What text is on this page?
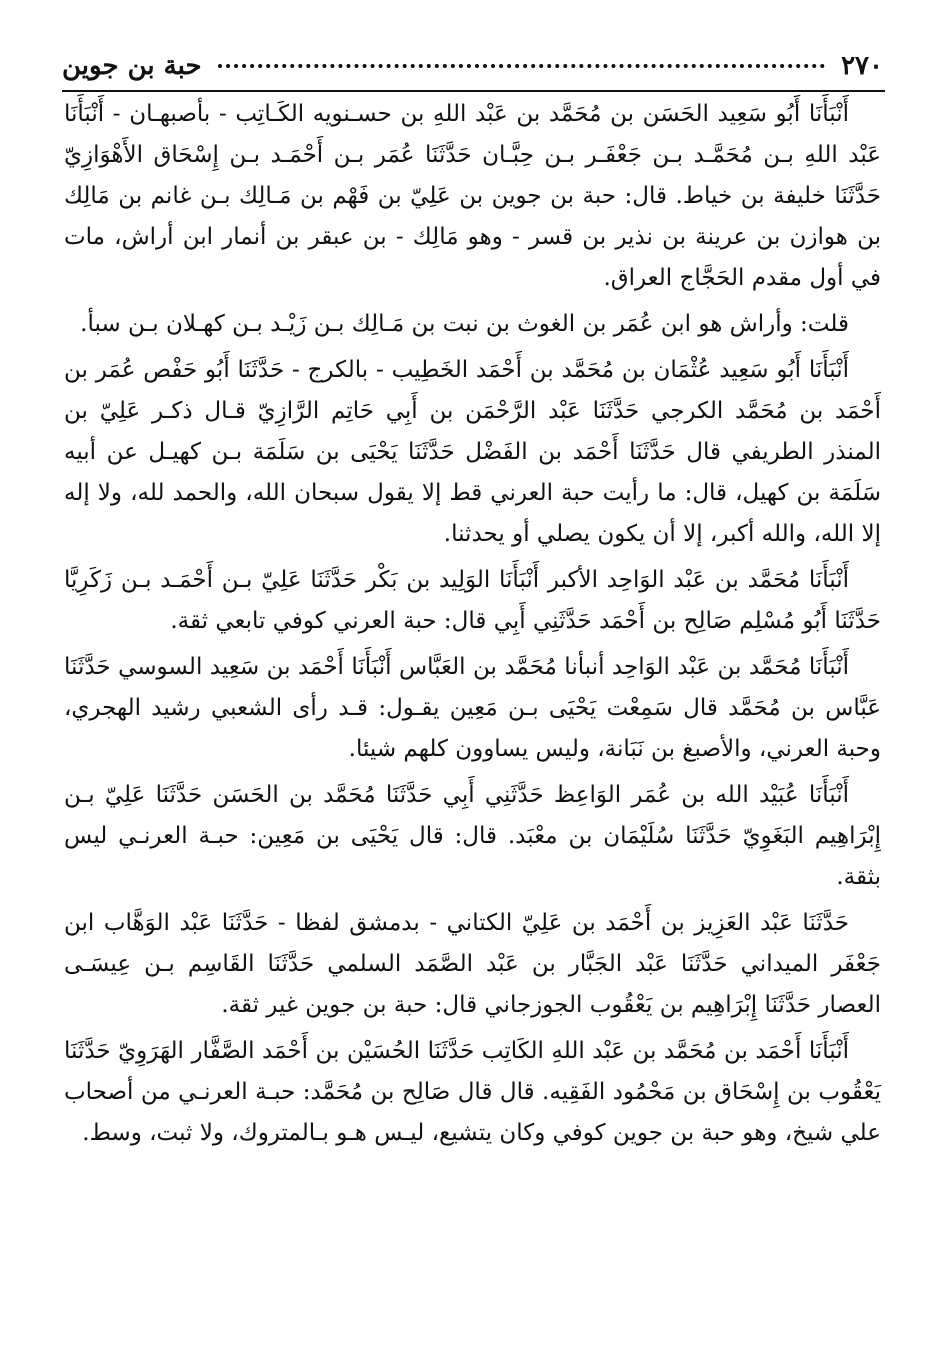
٢٧٠
حبة بن جوين

أَنْبَأَنَا أَبُو سَعِيد الحَسَن بن مُحَمَّد بن عَبْد اللهِ بن حسـنويه الكَـاتِب - بأصبهـان - أَنْبَأَنَا عَبْد اللهِ بـن مُحَمَّـد بـن جَعْفَـر بـن حِبَّـان حَدَّثَنَا عُمَر بـن أَحْمَـد بـن إِسْحَاق الأَهْوَازِيّ حَدَّثَنَا خليفة بن خياط. قال: حبة بن جوين بن عَلِيّ بن فَهْم بن مَـالِك بـن غانم بن مَالِك بن هوازن بن عرينة بن نذير بن قسر - وهو مَالِك - بن عبقر بن أنمار ابن أراش، مات في أول مقدم الحَجَّاج العراق.

قلت: وأراش هو ابن عُمَر بن الغوث بن نبت بن مَـالِك بـن زَيْـد بـن كهـلان بـن سبأ.

أَنْبَأَنَا أَبُو سَعِيد عُثْمَان بن مُحَمَّد بن أَحْمَد الخَطِيب - بالكرج - حَدَّثَنَا أَبُو حَفْص عُمَر بن أَحْمَد بن مُحَمَّد الكرجي حَدَّثَنَا عَبْد الرَّحْمَن بن أَبِي حَاتِم الرَّازِيّ قـال ذكـر عَلِيّ بن المنذر الطريفي قال حَدَّثَنَا أَحْمَد بن الفَضْل حَدَّثَنَا يَحْيَى بن سَلَمَة بـن كهيـل عن أبيه سَلَمَة بن كهيل، قال: ما رأيت حبة العرني قط إلا يقول سبحان الله، والحمد لله، ولا إله إلا الله، والله أكبر، إلا أن يكون يصلي أو يحدثنا.

أَنْبَأَنَا مُحَمَّد بن عَبْد الوَاحِد الأكبر أَنْبَأَنَا الوَلِيد بن بَكْر حَدَّثَنَا عَلِيّ بـن أَحْمَـد بـن زَكَرِيَّا حَدَّثَنَا أَبُو مُسْلِم صَالِح بن أَحْمَد حَدَّثَنِي أَبِي قال: حبة العرني كوفي تابعي ثقة.

أَنْبَأَنَا مُحَمَّد بن عَبْد الوَاحِد أنبأنا مُحَمَّد بن العَبَّاس أَنْبَأَنَا أَحْمَد بن سَعِيد السوسي حَدَّثَنَا عَبَّاس بن مُحَمَّد قال سَمِعْت يَحْيَى بـن مَعِين يقـول: قـد رأى الشعبي رشيد الهجري، وحبة العرني، والأصبغ بن نَبَانة، وليس يساوون كلهم شيئا.

أَنْبَأَنَا عُبَيْد الله بن عُمَر الوَاعِظ حَدَّثَنِي أَبِي حَدَّثَنَا مُحَمَّد بن الحَسَن حَدَّثَنَا عَلِيّ بـن إِبْرَاهِيم البَغَوِيّ حَدَّثَنَا سُلَيْمَان بن معْبَد. قال: قال يَحْيَى بن مَعِين: حبـة العرنـي ليس بثقة.

حَدَّثَنَا عَبْد العَزِيز بن أَحْمَد بن عَلِيّ الكتاني - بدمشق لفظا - حَدَّثَنَا عَبْد الوَهَّاب ابن جَعْفَر الميداني حَدَّثَنَا عَبْد الجَبَّار بن عَبْد الصَّمَد السلمي حَدَّثَنَا القَاسِم بـن عِيسَـى العصار حَدَّثَنَا إِبْرَاهِيم بن يَعْقُوب الجوزجاني قال: حبة بن جوين غير ثقة.

أَنْبَأَنَا أَحْمَد بن مُحَمَّد بن عَبْد اللهِ الكَاتِب حَدَّثَنَا الحُسَيْن بن أَحْمَد الصَّفَّار الهَرَوِيّ حَدَّثَنَا يَعْقُوب بن إِسْحَاق بن مَحْمُود الفَقِيه. قال قال صَالِح بن مُحَمَّد: حبـة العرنـي من أصحاب علي شيخ، وهو حبة بن جوين كوفي وكان يتشيع، ليـس هـو بـالمتروك، ولا ثبت، وسط.
